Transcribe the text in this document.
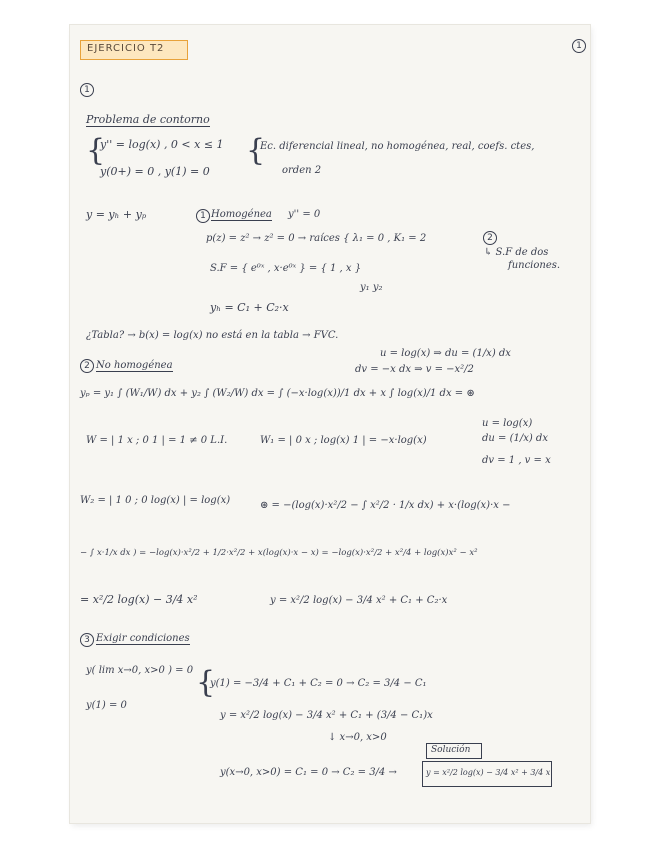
EJERCICIO T2	1
1
Problema de contorno
{
y'' = log(x) , 0 < x ≤ 1
y(0+) = 0 , y(1) = 0
{
Ec. diferencial lineal, no homogénea, real, coefs. ctes,
orden 2
y = yₕ + yₚ	1 Homogénea y'' = 0
p(z) = z² → z² = 0 → raíces { λ₁ = 0 , K₁ = 2	2
↳ S.F de dos
funciones.
S.F = { e⁰ˣ , x·e⁰ˣ } = { 1 , x }
y₁ y₂
yₕ = C₁ + C₂·x
¿Tabla? → b(x) = log(x) no está en la tabla → FVC.
2 No homogénea
u = log(x) ⇒ du = (1/x) dx
dv = −x dx ⇒ v = −x²/2
yₚ = y₁ ∫ (W₁/W) dx + y₂ ∫ (W₂/W) dx = ∫ (−x·log(x))/1 dx + x ∫ log(x)/1 dx = ⊛
u = log(x)
du = (1/x) dx
dv = 1 , v = x
W = | 1 x ; 0 1 | = 1 ≠ 0 L.I.	W₁ = | 0 x ; log(x) 1 | = −x·log(x)
W₂ = | 1 0 ; 0 log(x) | = log(x)	⊛ = −(log(x)·x²/2 − ∫ x²/2 · 1/x dx) + x·(log(x)·x −
− ∫ x·1/x dx ) = −log(x)·x²/2 + 1/2·x²/2 + x(log(x)·x − x) = −log(x)·x²/2 + x²/4 + log(x)x² − x²
= x²/2 log(x) − 3/4 x²	y = x²/2 log(x) − 3/4 x² + C₁ + C₂·x
3 Exigir condiciones
y( lim x→0, x>0 ) = 0
y(1) = 0
{
y(1) = −3/4 + C₁ + C₂ = 0 → C₂ = 3/4 − C₁
y = x²/2 log(x) − 3/4 x² + C₁ + (3/4 − C₁)x
↓ x→0, x>0
Solución
y(x→0, x>0) = C₁ = 0 → C₂ = 3/4 →	y = x²/2 log(x) − 3/4 x² + 3/4 x
